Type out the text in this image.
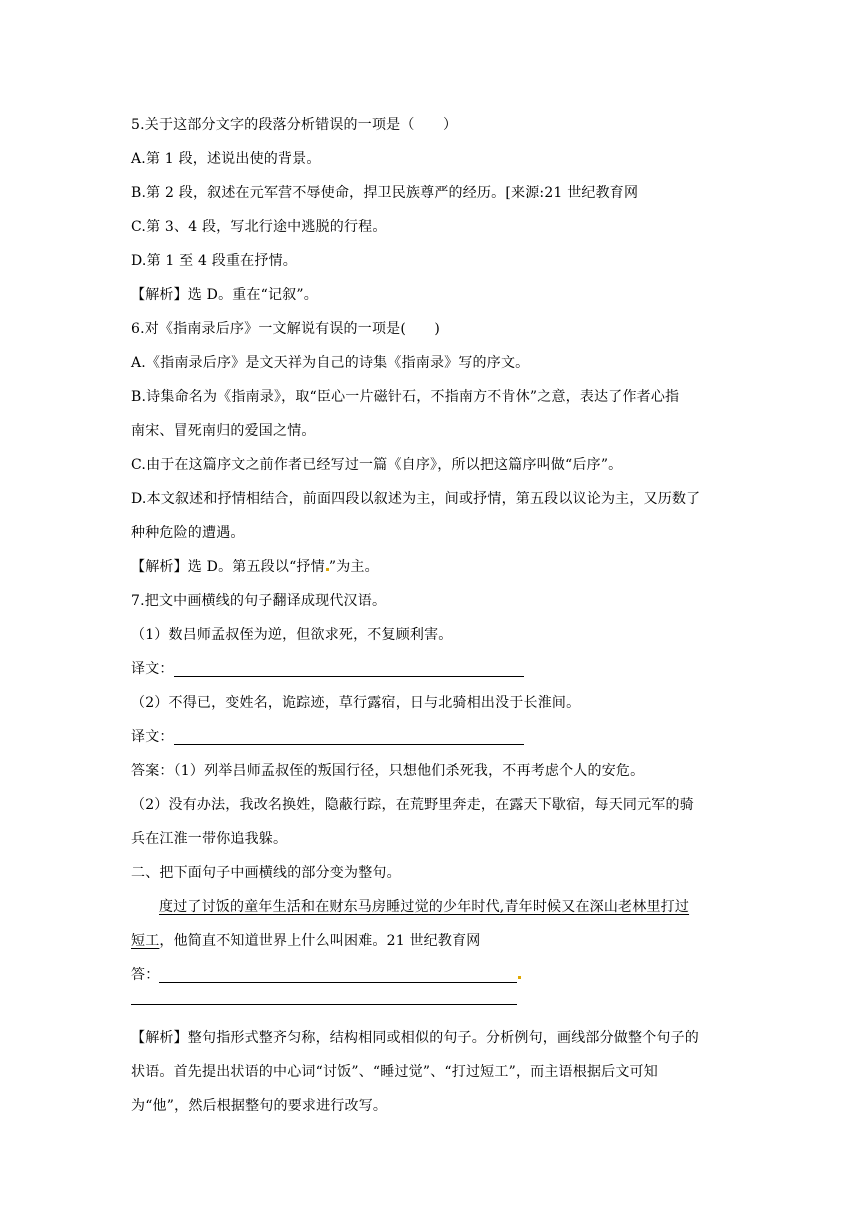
5.关于这部分文字的段落分析错误的一项是（　　）
A.第 1 段，述说出使的背景。
B.第 2 段，叙述在元军营不辱使命，捍卫民族尊严的经历。[来源:21 世纪教育网
C.第 3、4 段，写北行途中逃脱的行程。
D.第 1 至 4 段重在抒情。
【解析】选 D。重在“记叙”。
6.对《指南录后序》一文解说有误的一项是(　　)
A.《指南录后序》是文天祥为自己的诗集《指南录》写的序文。
B.诗集命名为《指南录》，取“臣心一片磁针石，不指南方不肯休”之意，表达了作者心指
南宋、冒死南归的爱国之情。
C.由于在这篇序文之前作者已经写过一篇《自序》，所以把这篇序叫做“后序”。
D.本文叙述和抒情相结合，前面四段以叙述为主，间或抒情，第五段以议论为主，又历数了
种种危险的遭遇。
【解析】选 D。第五段以“抒情 ”为主。
7.把文中画横线的句子翻译成现代汉语。
（1）数吕师孟叔侄为逆，但欲求死，不复顾利害。
译文：
（2）不得已，变姓名，诡踪迹，草行露宿，日与北骑相出没于长淮间。
译文：
答案：（1）列举吕师孟叔侄的叛国行径，只想他们杀死我，不再考虑个人的安危。
（2）没有办法，我改名换姓，隐蔽行踪，在荒野里奔走，在露天下歇宿，每天同元军的骑
兵在江淮一带你追我躲。
二、把下面句子中画横线的部分变为整句。
度过了讨饭的童年生活和在财东马房睡过觉的少年时代,青年时候又在深山老林里打过
短工，他简直不知道世界上什么叫困难。21 世纪教育网
答：
【解析】整句指形式整齐匀称，结构相同或相似的句子。分析例句，画线部分做整个句子的
状语。首先提出状语的中心词“讨饭”、“睡过觉”、“打过短工”，而主语根据后文可知
为“他”，然后根据整句的要求进行改写。
